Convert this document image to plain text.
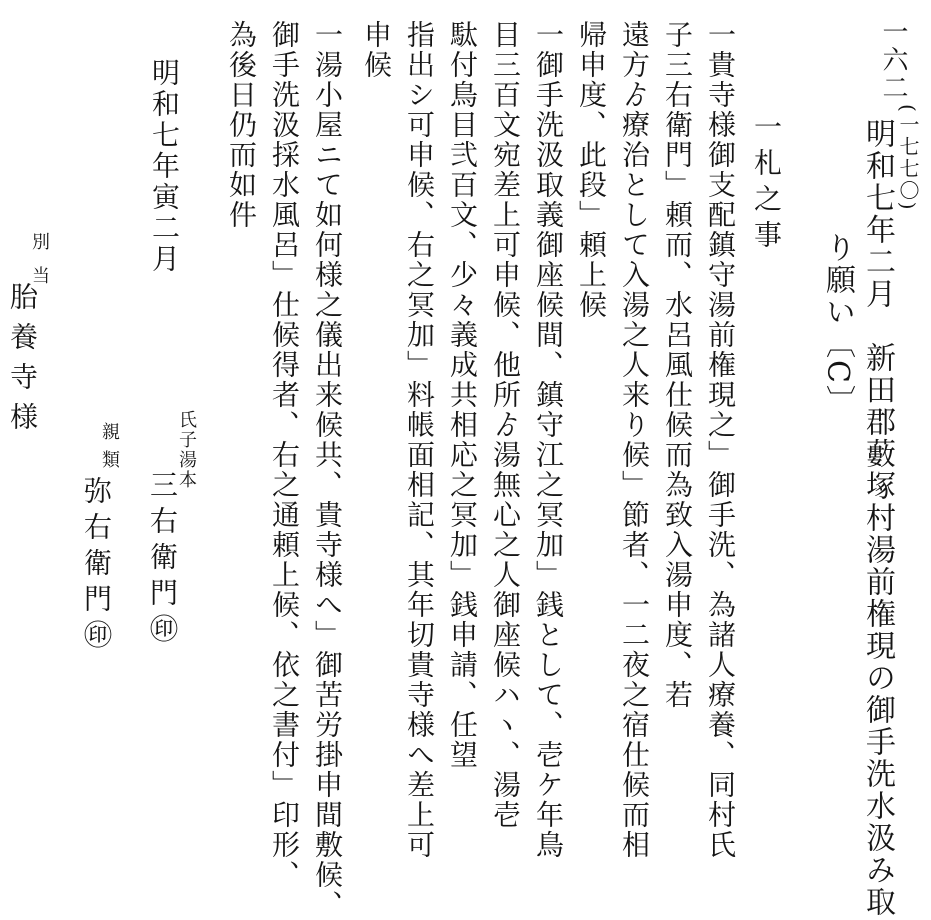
一六二
(一七七〇)
明和七年二月　新田郡藪塚村湯前権現の御手洗水汲み取
り願い〔C〕
一札之事
一貴寺様御支配鎮守湯前権現之」御手洗、為諸人療養、同村氏
子三右衛門」頼而、水呂風仕候而為致入湯申度、若
遠方ゟ療治として入湯之人来り候」節者、一二夜之宿仕候而相
帰申度、此段」頼上候
一御手洗汲取義御座候間、鎮守江之冥加」銭として、壱ケ年鳥
目三百文宛差上可申候、他所ゟ湯無心之人御座候ハヽ、湯壱
駄付鳥目弐百文、少々義成共相応之冥加」銭申請、任望
指出シ可申候、右之冥加」料帳面相記、其年切貴寺様へ差上可
申候
一湯小屋ニて如何様之儀出来候共、貴寺様へ」御苦労掛申間敷候、
御手洗汲採水風呂」仕候得者、右之通頼上候、依之書付」印形、
為後日仍而如件
明和七年寅二月
氏子湯本
三右衛門㊞
親類
弥右衛門㊞
別当
胎養寺様
